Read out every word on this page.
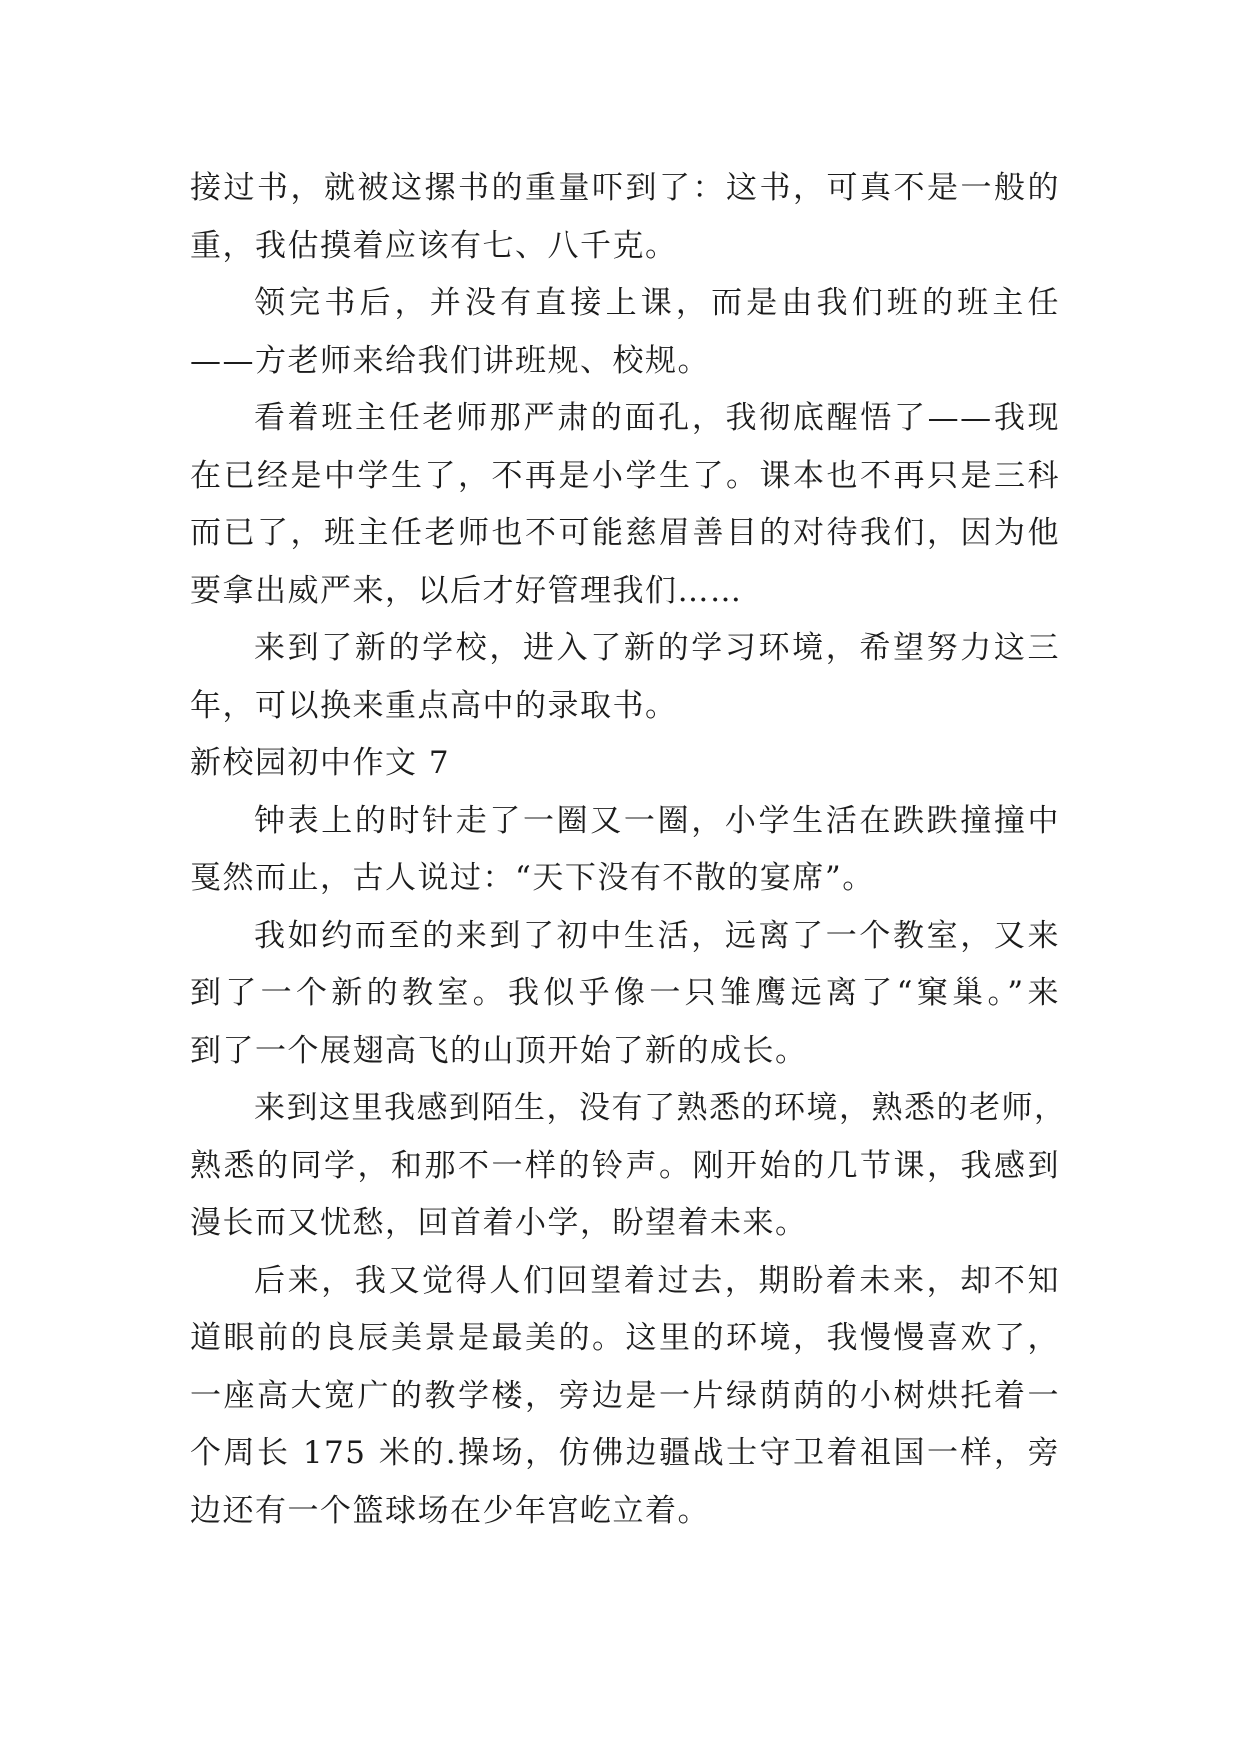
接过书，就被这摞书的重量吓到了：这书，可真不是一般的
重，我估摸着应该有七、八千克。
领完书后，并没有直接上课，而是由我们班的班主任
——方老师来给我们讲班规、校规。
看着班主任老师那严肃的面孔，我彻底醒悟了——我现
在已经是中学生了，不再是小学生了。课本也不再只是三科
而已了，班主任老师也不可能慈眉善目的对待我们，因为他
要拿出威严来，以后才好管理我们……
来到了新的学校，进入了新的学习环境，希望努力这三
年，可以换来重点高中的录取书。
新校园初中作文 7
钟表上的时针走了一圈又一圈，小学生活在跌跌撞撞中
戛然而止，古人说过：“天下没有不散的宴席”。
我如约而至的来到了初中生活，远离了一个教室，又来
到了一个新的教室。我似乎像一只雏鹰远离了“窠巢。”来
到了一个展翅高飞的山顶开始了新的成长。
来到这里我感到陌生，没有了熟悉的环境，熟悉的老师，
熟悉的同学，和那不一样的铃声。刚开始的几节课，我感到
漫长而又忧愁，回首着小学，盼望着未来。
后来，我又觉得人们回望着过去，期盼着未来，却不知
道眼前的良辰美景是最美的。这里的环境，我慢慢喜欢了，
一座高大宽广的教学楼，旁边是一片绿荫荫的小树烘托着一
个周长 175 米的.操场，仿佛边疆战士守卫着祖国一样，旁
边还有一个篮球场在少年宫屹立着。
